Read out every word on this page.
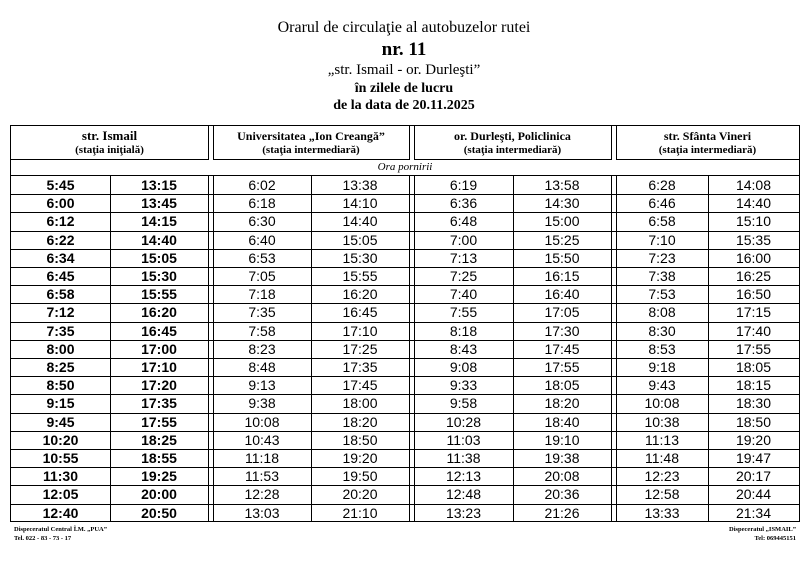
Orarul de circulaţie al autobuzelor rutei
nr. 11
„str. Ismail - or. Durleşti”
în zilele de lucru
de la data de 20.11.2025
str. Ismail
(staţia iniţială)
Universitatea „Ion Creangă”
(staţia intermediară)
or. Durleşti, Policlinica
(staţia intermediară)
str. Sfânta Vineri
(staţia intermediară)
5:45	13:15	6:02	13:38	6:19	13:58	6:28	14:08
6:00	13:45	6:18	14:10	6:36	14:30	6:46	14:40
6:12	14:15	6:30	14:40	6:48	15:00	6:58	15:10
6:22	14:40	6:40	15:05	7:00	15:25	7:10	15:35
6:34	15:05	6:53	15:30	7:13	15:50	7:23	16:00
6:45	15:30	7:05	15:55	7:25	16:15	7:38	16:25
6:58	15:55	7:18	16:20	7:40	16:40	7:53	16:50
7:12	16:20	7:35	16:45	7:55	17:05	8:08	17:15
7:35	16:45	7:58	17:10	8:18	17:30	8:30	17:40
8:00	17:00	8:23	17:25	8:43	17:45	8:53	17:55
8:25	17:10	8:48	17:35	9:08	17:55	9:18	18:05
8:50	17:20	9:13	17:45	9:33	18:05	9:43	18:15
9:15	17:35	9:38	18:00	9:58	18:20	10:08	18:30
9:45	17:55	10:08	18:20	10:28	18:40	10:38	18:50
10:20	18:25	10:43	18:50	11:03	19:10	11:13	19:20
10:55	18:55	11:18	19:20	11:38	19:38	11:48	19:47
11:30	19:25	11:53	19:50	12:13	20:08	12:23	20:17
12:05	20:00	12:28	20:20	12:48	20:36	12:58	20:44
12:40	20:50	13:03	21:10	13:23	21:26	13:33	21:34
Ora pornirii
Dispeceratul Central Î.M. „PUA”
Tel. 022 - 83 - 73 - 17
Dispeceratul „ISMAIL”
Tel: 069445151
